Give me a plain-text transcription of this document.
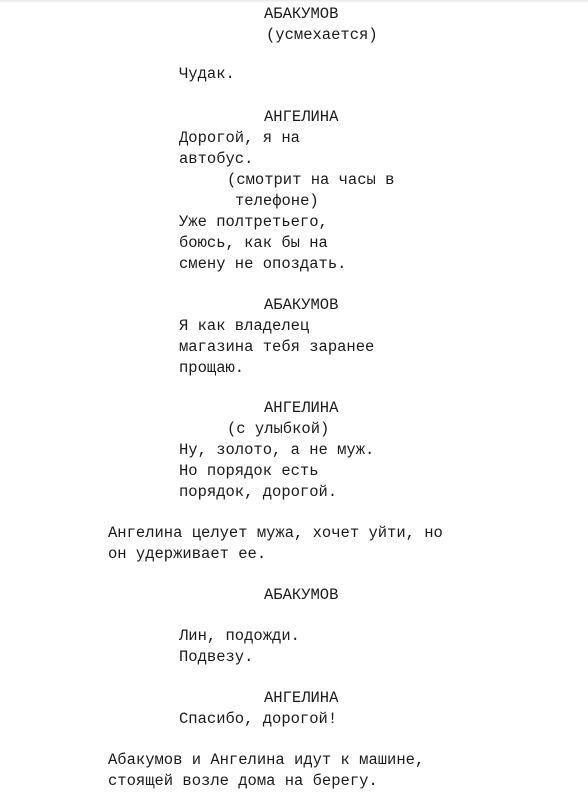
АБАКУМОВ
(усмехается)
Чудак.
АНГЕЛИНА
Дорогой, я на
автобус.
(смотрит на часы в
телефоне)
Уже полтретьего,
боюсь, как бы на
смену не опоздать.
АБАКУМОВ
Я как владелец
магазина тебя заранее
прощаю.
АНГЕЛИНА
(с улыбкой)
Ну, золото, а не муж.
Но порядок есть
порядок, дорогой.
Ангелина целует мужа, хочет уйти, но
он удерживает ее.
АБАКУМОВ
Лин, подожди.
Подвезу.
АНГЕЛИНА
Спасибо, дорогой!
Абакумов и Ангелина идут к машине,
стоящей возле дома на берегу.
